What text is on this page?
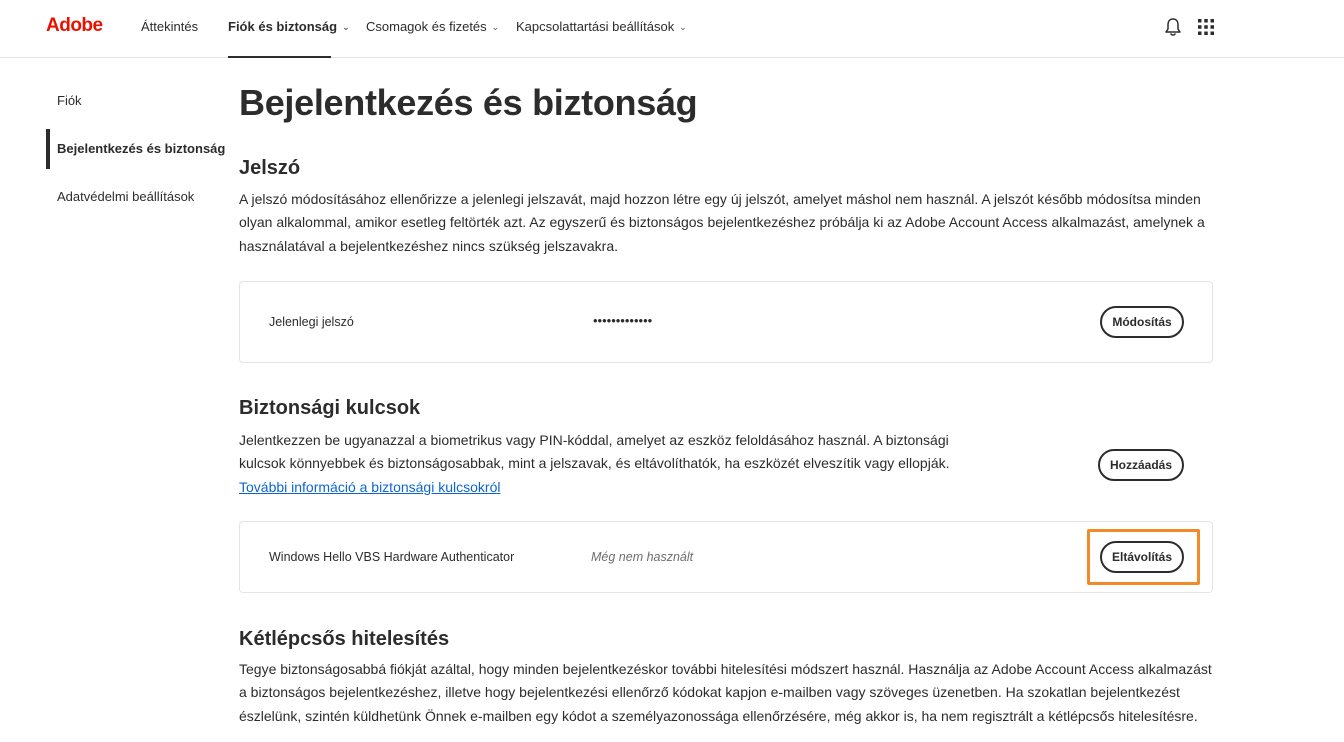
Adobe	Áttekintés Fiók és biztonság ⌄ Csomagok és fizetés ⌄ Kapcsolattartási beállítások ⌄
Fiók
Bejelentkezés és biztonság
Adatvédelmi beállítások
Bejelentkezés és biztonság
Jelszó
A jelszó módosításához ellenőrizze a jelenlegi jelszavát, majd hozzon létre egy új jelszót, amelyet máshol nem használ. A jelszót később módosítsa minden olyan alkalommal, amikor esetleg feltörték azt. Az egyszerű és biztonságos bejelentkezéshez próbálja ki az Adobe Account Access alkalmazást, amelynek a használatával a bejelentkezéshez nincs szükség jelszavakra.
Jelenlegi jelszó	•••••••••••••	Módosítás
Biztonsági kulcsok
Jelentkezzen be ugyanazzal a biometrikus vagy PIN-kóddal, amelyet az eszköz feloldásához használ. A biztonsági kulcsok könnyebbek és biztonságosabbak, mint a jelszavak, és eltávolíthatók, ha eszközét elveszítik vagy ellopják. További információ a biztonsági kulcsokról
Hozzáadás
Windows Hello VBS Hardware Authenticator	Még nem használt	Eltávolítás
Kétlépcsős hitelesítés
Tegye biztonságosabbá fiókját azáltal, hogy minden bejelentkezéskor további hitelesítési módszert használ. Használja az Adobe Account Access alkalmazást a biztonságos bejelentkezéshez, illetve hogy bejelentkezési ellenőrző kódokat kapjon e-mailben vagy szöveges üzenetben. Ha szokatlan bejelentkezést észlelünk, szintén küldhetünk Önnek e-mailben egy kódot a személyazonossága ellenőrzésére, még akkor is, ha nem regisztrált a kétlépcsős hitelesítésre.
